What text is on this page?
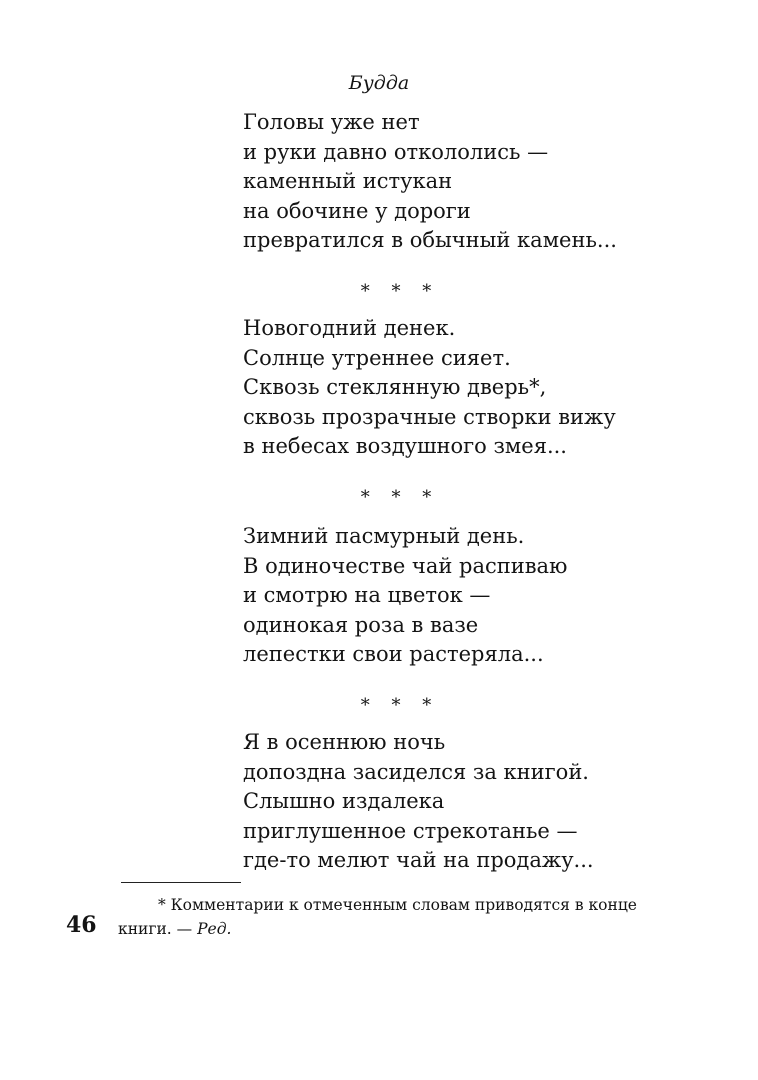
Будда
Головы уже нет
и руки давно откололись —
каменный истукан
на обочине у дороги
превратился в обычный камень...
* * *
Новогодний денек.
Солнце утреннее сияет.
Сквозь стеклянную дверь*,
сквозь прозрачные створки вижу
в небесах воздушного змея...
* * *
Зимний пасмурный день.
В одиночестве чай распиваю
и смотрю на цветок —
одинокая роза в вазе
лепестки свои растеряла...
* * *
Я в осеннюю ночь
допоздна засиделся за книгой.
Слышно издалека
приглушенное стрекотанье —
где-то мелют чай на продажу...
* Комментарии к отмеченным словам приводятся в конце
книги. — Ред.
46
